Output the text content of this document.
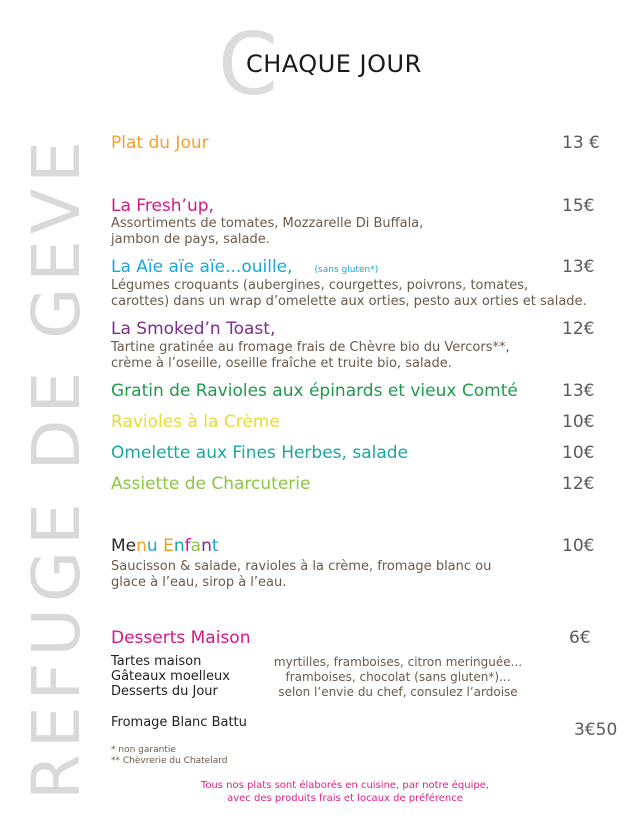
REFUGE DE GEVE
C
CHAQUE JOUR
Plat du Jour	13 €
La Fresh’up,	15€
Assortiments de tomates, Mozzarelle Di Buffala,
jambon de pays, salade.
La Aïe aïe aïe...ouille, (sans gluten*)	13€
Légumes croquants (aubergines, courgettes, poivrons, tomates,
carottes) dans un wrap d’omelette aux orties, pesto aux orties et salade.
La Smoked’n Toast,	12€
Tartine gratinée au fromage frais de Chèvre bio du Vercors**,
crème à l’oseille, oseille fraîche et truite bio, salade.
Gratin de Ravioles aux épinards et vieux Comté	13€
Ravioles à la Crème	10€
Omelette aux Fines Herbes, salade	10€
Assiette de Charcuterie	12€
Menu Enfant	10€
Saucisson & salade, ravioles à la crème, fromage blanc ou
glace à l’eau, sirop à l’eau.
Desserts Maison	6€
Tartes maison	myrtilles, framboises, citron meringuée...
Gâteaux moelleux	framboises, chocolat (sans gluten*)...
Desserts du Jour	selon l’envie du chef, consulez l’ardoise
Fromage Blanc Battu	3€50
* non garantie
** Chèvrerie du Chatelard
Tous nos plats sont élaborés en cuisine, par notre équipe,
avec des produits frais et locaux de préférence
